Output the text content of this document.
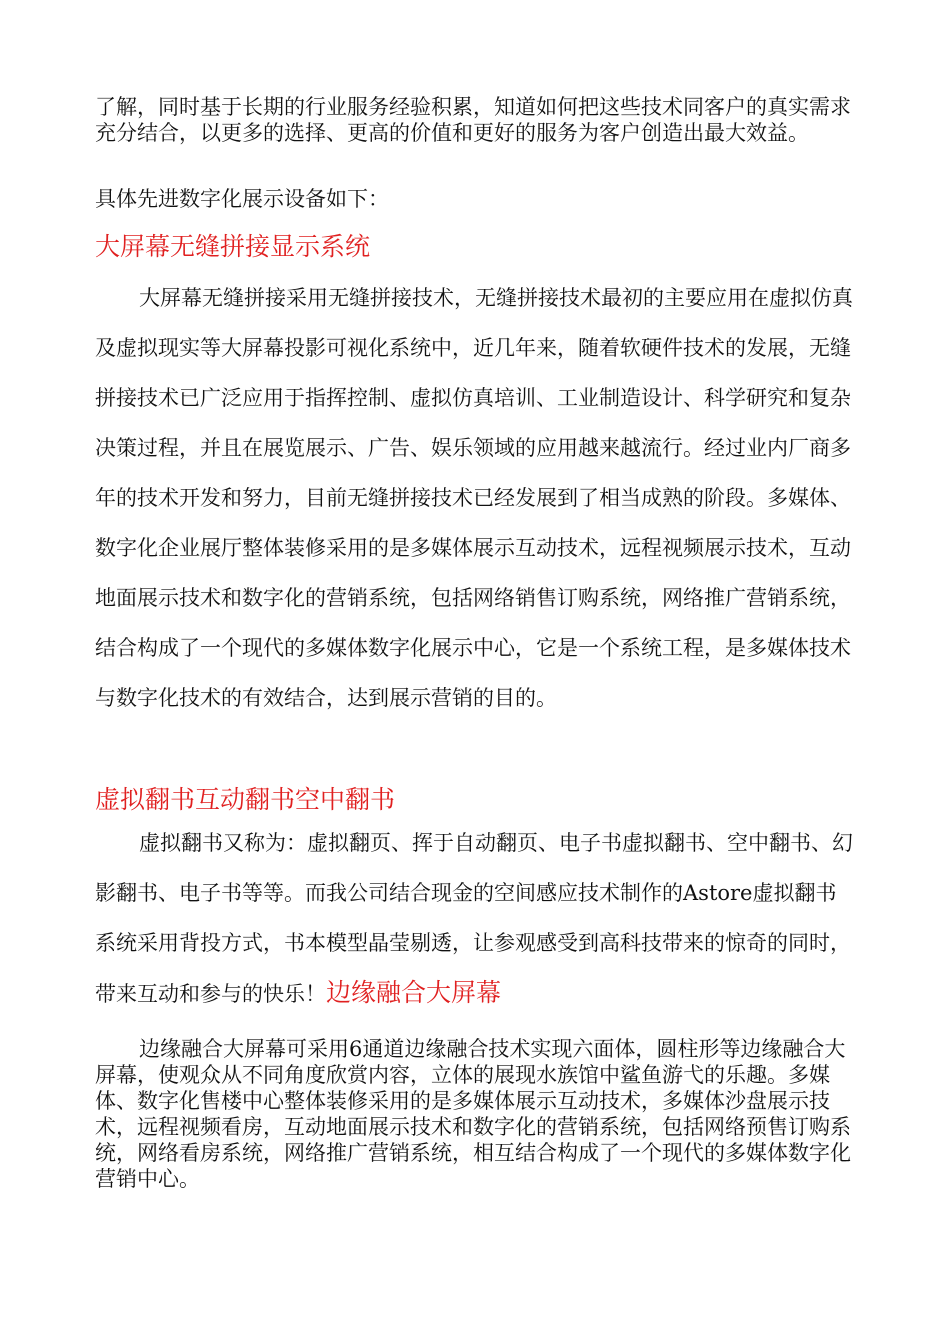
了解，同时基于长期的行业服务经验积累，知道如何把这些技术同客户的真实需求充分结合，以更多的选择、更高的价值和更好的服务为客户创造出最大效益。

具体先进数字化展示设备如下：

大屏幕无缝拼接显示系统

大屏幕无缝拼接采用无缝拼接技术，无缝拼接技术最初的主要应用在虚拟仿真及虚拟现实等大屏幕投影可视化系统中，近几年来，随着软硬件技术的发展，无缝拼接技术已广泛应用于指挥控制、虚拟仿真培训、工业制造设计、科学研究和复杂决策过程，并且在展览展示、广告、娱乐领域的应用越来越流行。经过业内厂商多年的技术开发和努力，目前无缝拼接技术已经发展到了相当成熟的阶段。多媒体、数字化企业展厅整体装修采用的是多媒体展示互动技术，远程视频展示技术，互动地面展示技术和数字化的营销系统，包括网络销售订购系统，网络推广营销系统，结合构成了一个现代的多媒体数字化展示中心，它是一个系统工程，是多媒体技术与数字化技术的有效结合，达到展示营销的目的。

虚拟翻书互动翻书空中翻书

虚拟翻书又称为：虚拟翻页、挥于自动翻页、电子书虚拟翻书、空中翻书、幻影翻书、电子书等等。而我公司结合现金的空间感应技术制作的Astore虚拟翻书系统采用背投方式，书本模型晶莹剔透，让参观感受到高科技带来的惊奇的同时，带来互动和参与的快乐！边缘融合大屏幕

边缘融合大屏幕可采用6通道边缘融合技术实现六面体，圆柱形等边缘融合大屏幕，使观众从不同角度欣赏内容，立体的展现水族馆中鲨鱼游弋的乐趣。多媒体、数字化售楼中心整体装修采用的是多媒体展示互动技术，多媒体沙盘展示技术，远程视频看房，互动地面展示技术和数字化的营销系统，包括网络预售订购系统，网络看房系统，网络推广营销系统，相互结合构成了一个现代的多媒体数字化营销中心。
